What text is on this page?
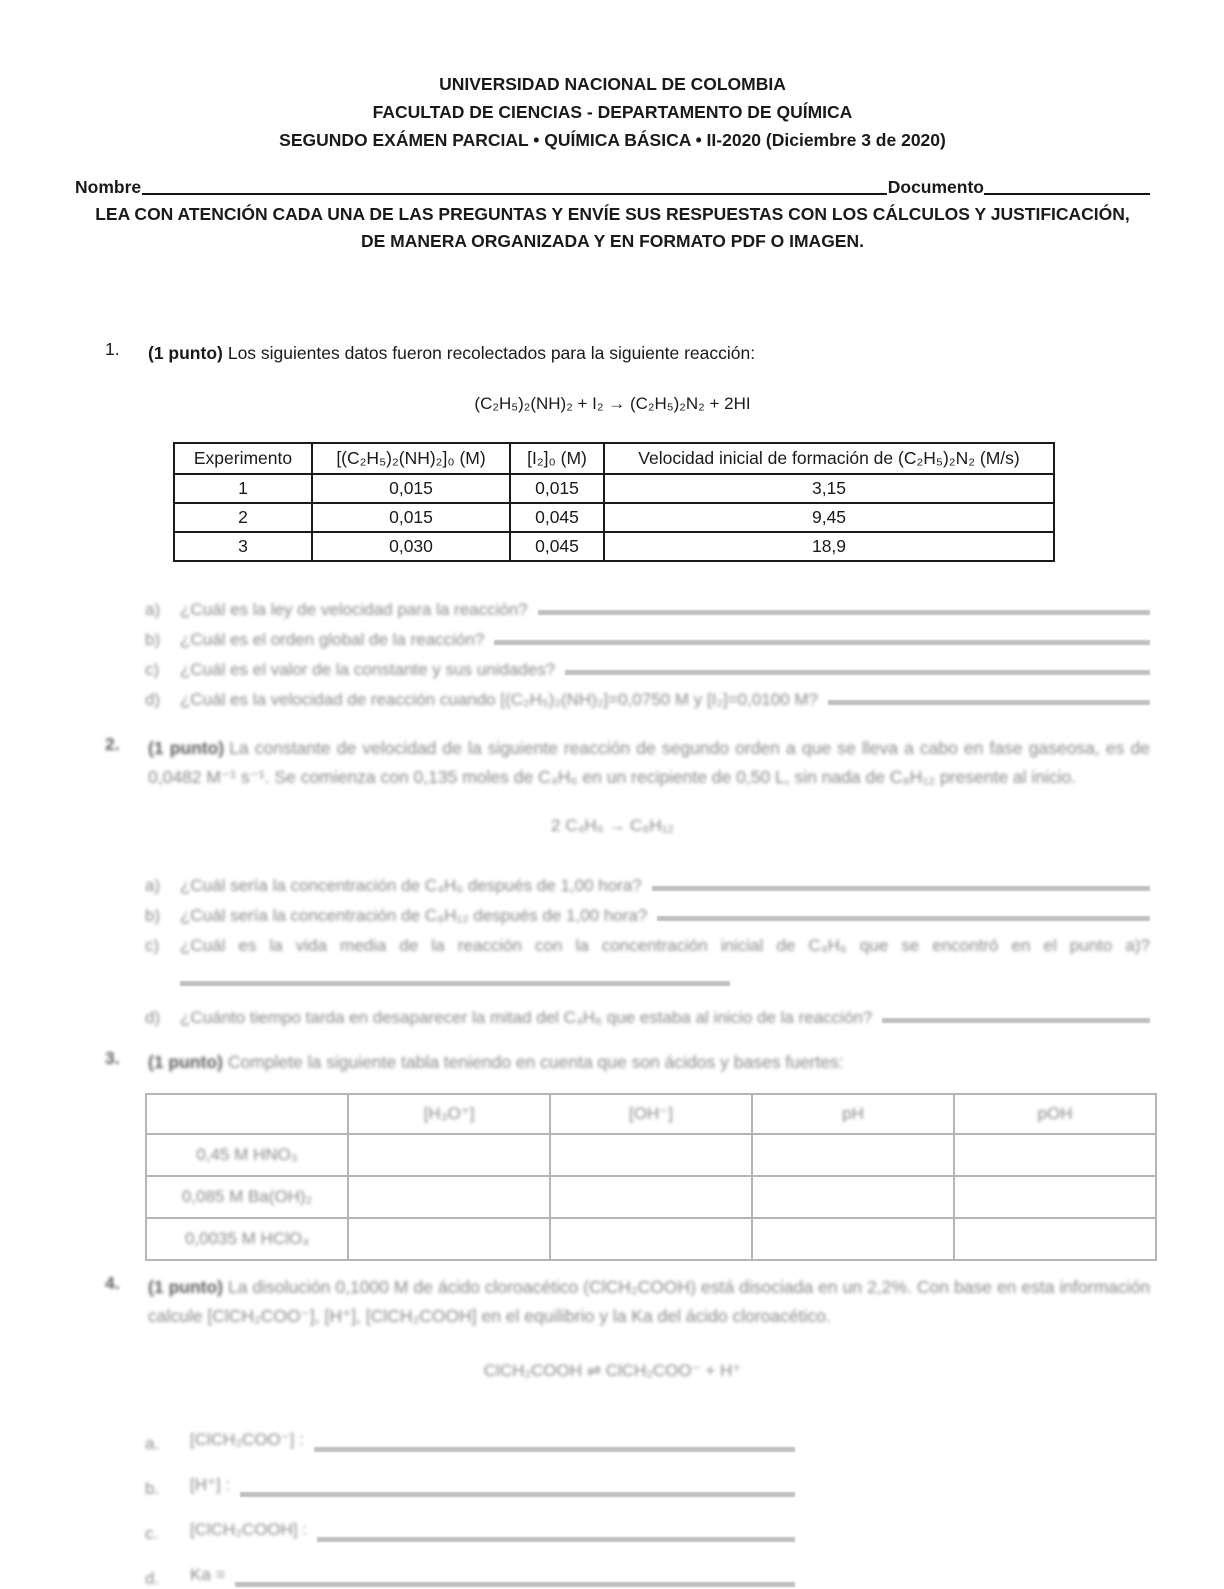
UNIVERSIDAD NACIONAL DE COLOMBIA
FACULTAD DE CIENCIAS - DEPARTAMENTO DE QUÍMICA
SEGUNDO EXÁMEN PARCIAL • QUÍMICA BÁSICA • II-2020 (Diciembre 3 de 2020)
Nombre	Documento
LEA CON ATENCIÓN CADA UNA DE LAS PREGUNTAS Y ENVÍE SUS RESPUESTAS CON LOS CÁLCULOS Y JUSTIFICACIÓN,
DE MANERA ORGANIZADA Y EN FORMATO PDF O IMAGEN.
1.	(1 punto) Los siguientes datos fueron recolectados para la siguiente reacción:
(C₂H₅)₂(NH)₂ + I₂ → (C₂H₅)₂N₂ + 2HI
Experimento	[(C₂H₅)₂(NH)₂]₀ (M)	[I₂]₀ (M)	Velocidad inicial de formación de (C₂H₅)₂N₂ (M/s)
1	0,015	0,015	3,15
2	0,015	0,045	9,45
3	0,030	0,045	18,9
a)	¿Cuál es la ley de velocidad para la reacción?
b)	¿Cuál es el orden global de la reacción?
c)	¿Cuál es el valor de la constante y sus unidades?
d)	¿Cuál es la velocidad de reacción cuando [(C₂H₅)₂(NH)₂]=0,0750 M y [I₂]=0,0100 M?
2.	(1 punto) La constante de velocidad de la siguiente reacción de segundo orden a que se lleva a cabo en fase gaseosa, es de 0,0482 M⁻¹ s⁻¹. Se comienza con 0,135 moles de C₄H₆ en un recipiente de 0,50 L, sin nada de C₈H₁₂ presente al inicio.
2 C₄H₆ → C₈H₁₂
a)	¿Cuál sería la concentración de C₄H₆ después de 1,00 hora?
b)	¿Cuál sería la concentración de C₈H₁₂ después de 1,00 hora?
c)	¿Cuál es la vida media de la reacción con la concentración inicial de C₄H₆ que se encontró en el punto a)?
d)	¿Cuánto tiempo tarda en desaparecer la mitad del C₄H₆ que estaba al inicio de la reacción?
3.	(1 punto) Complete la siguiente tabla teniendo en cuenta que son ácidos y bases fuertes:
	[H₃O⁺]	[OH⁻]	pH	pOH
0,45 M HNO₃				
0,085 M Ba(OH)₂				
0,0035 M HClO₄				
4.	(1 punto) La disolución 0,1000 M de ácido cloroacético (ClCH₂COOH) está disociada en un 2,2%. Con base en esta información calcule [ClCH₂COO⁻], [H⁺], [ClCH₂COOH] en el equilibrio y la Ka del ácido cloroacético.
ClCH₂COOH ⇌ ClCH₂COO⁻ + H⁺
a.	[ClCH₂COO⁻] :
b.	[H⁺] :
c.	[ClCH₂COOH] :
d.	Ka =
